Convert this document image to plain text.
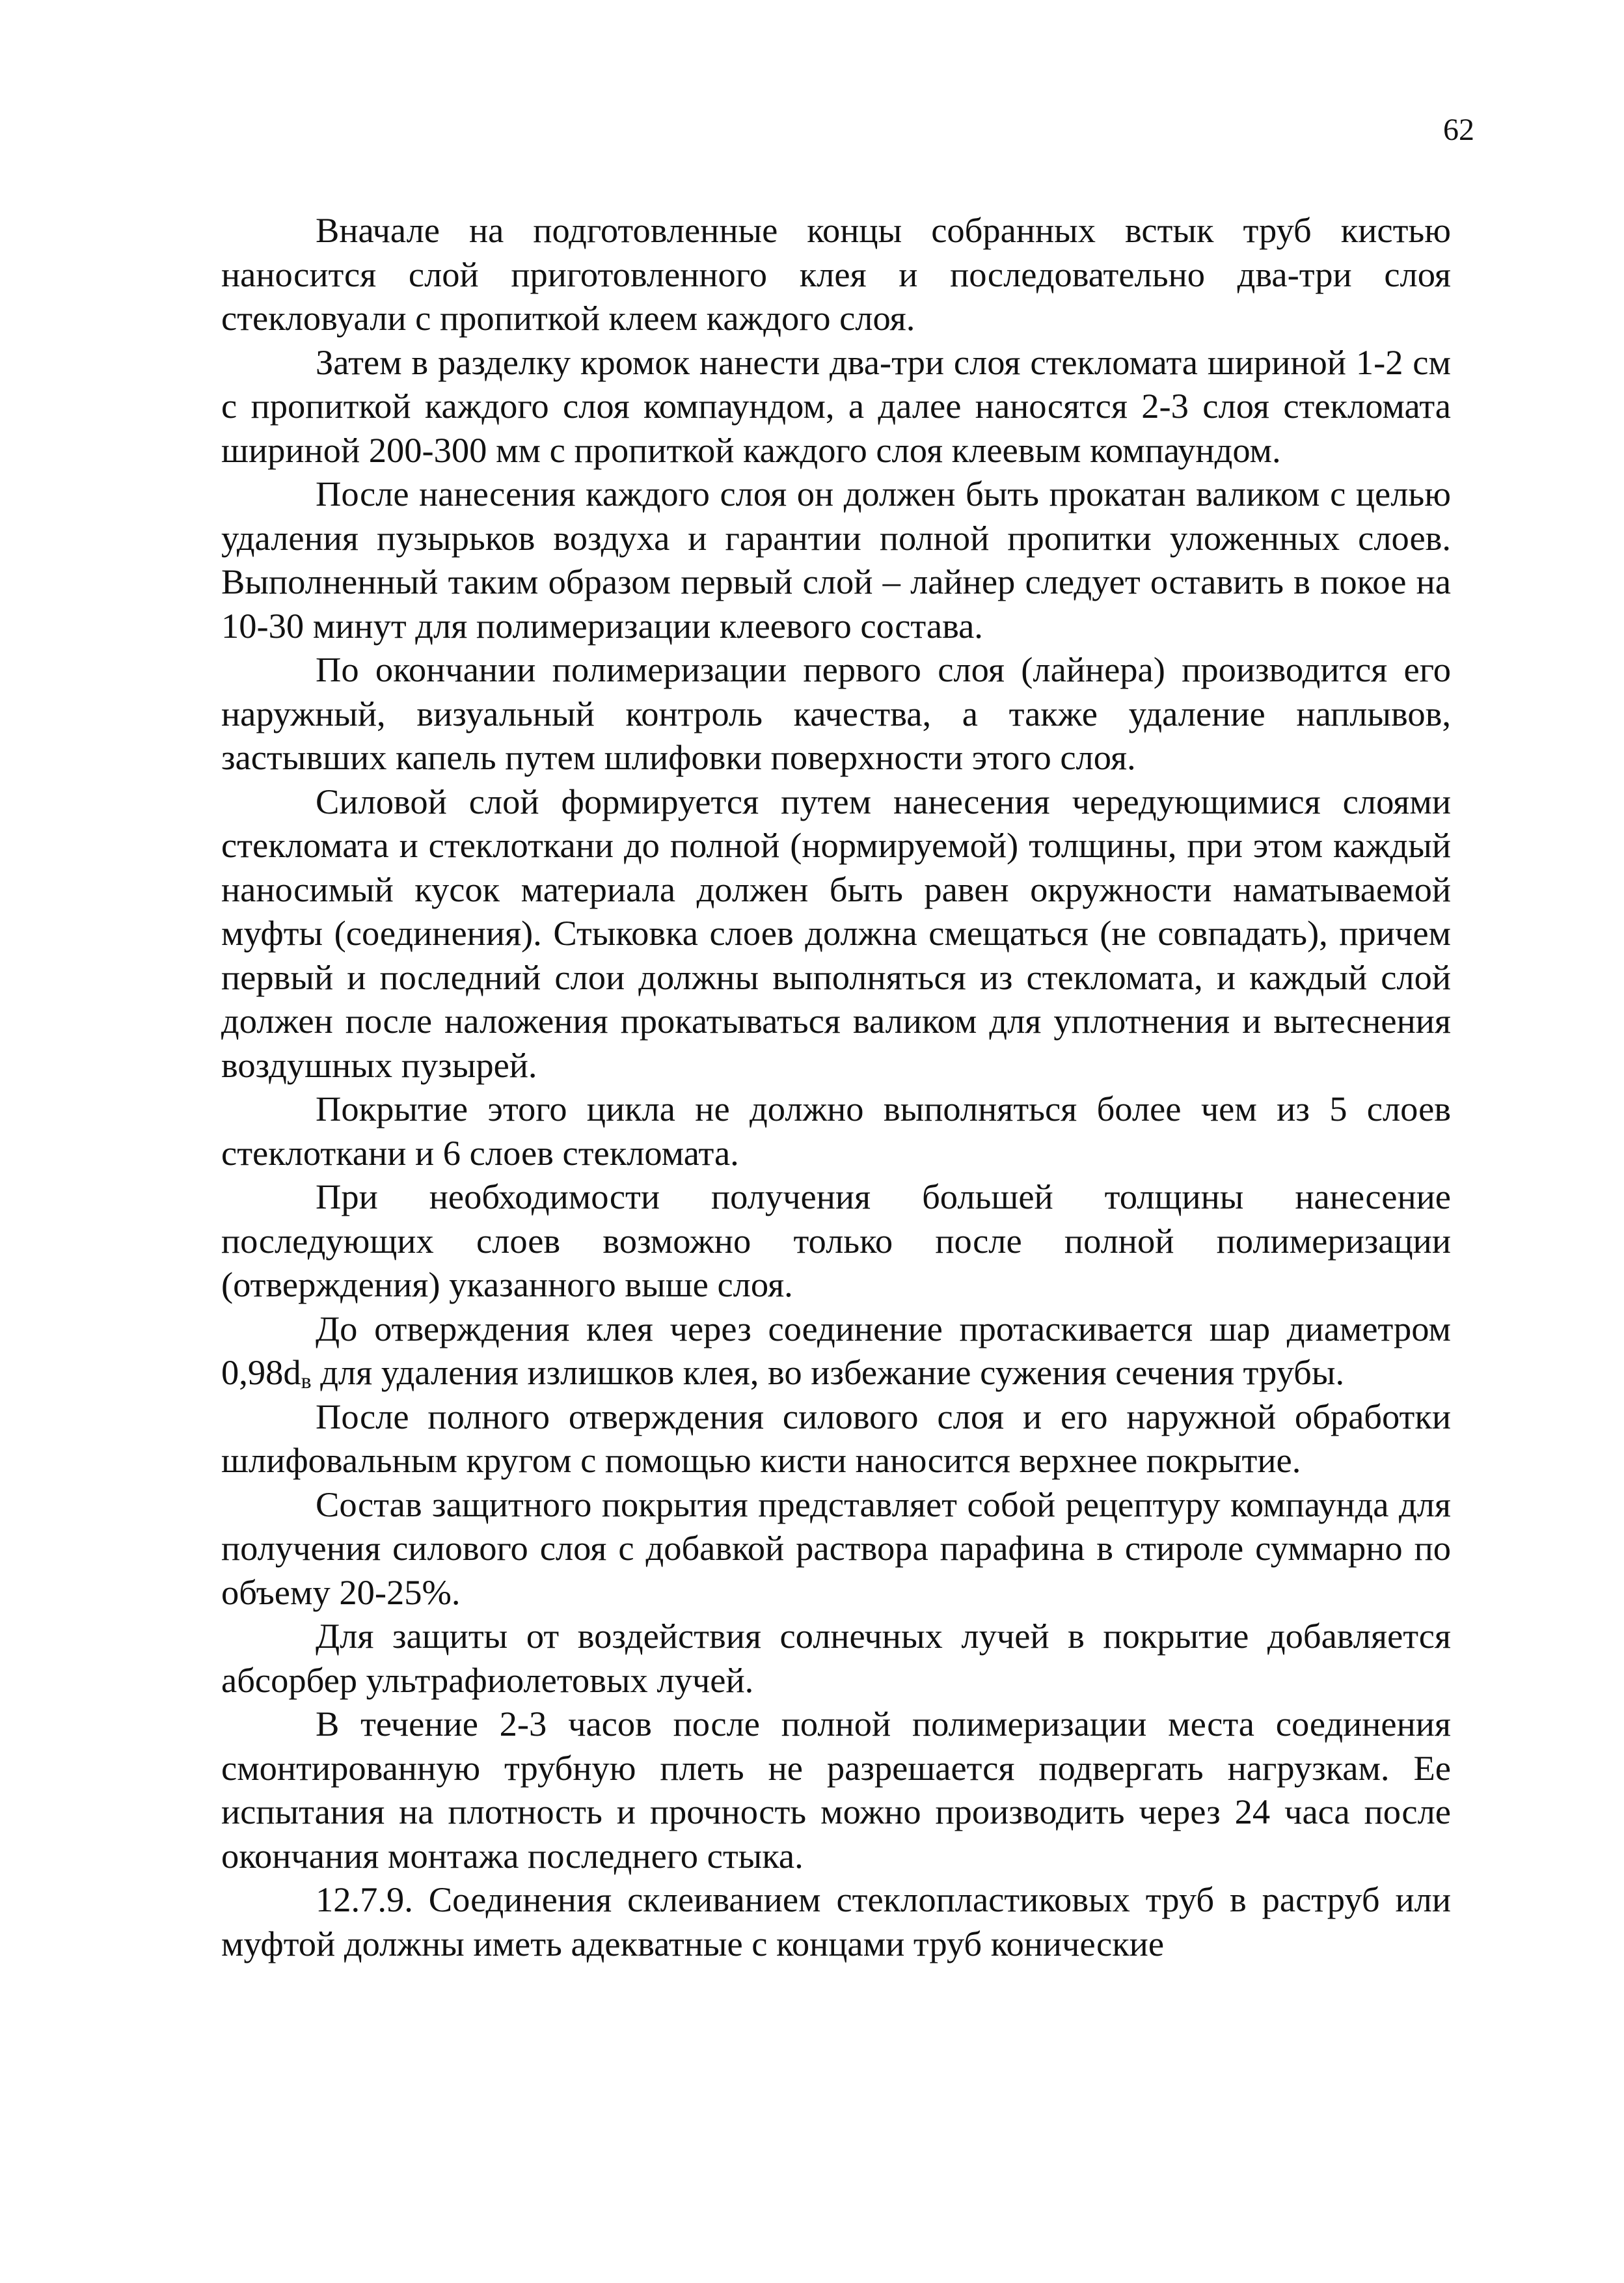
62

Вначале на подготовленные концы собранных встык труб кистью наносится слой приготовленного клея и последовательно два-три слоя стекловуали с пропиткой клеем каждого слоя.

Затем в разделку кромок нанести два-три слоя стекломата шириной 1-2 см с пропиткой каждого слоя компаундом, а далее наносятся 2-3 слоя стекломата шириной 200-300 мм с пропиткой каждого слоя клеевым компаундом.

После нанесения каждого слоя он должен быть прокатан валиком с целью удаления пузырьков воздуха и гарантии полной пропитки уложенных слоев. Выполненный таким образом первый слой – лайнер следует оставить в покое на 10-30 минут для полимеризации клеевого состава.

По окончании полимеризации первого слоя (лайнера) производится его наружный, визуальный контроль качества, а также удаление наплывов, застывших капель путем шлифовки поверхности этого слоя.

Силовой слой формируется путем нанесения чередующимися слоями стекломата и стеклоткани до полной (нормируемой) толщины, при этом каждый наносимый кусок материала должен быть равен окружности наматываемой муфты (соединения). Стыковка слоев должна смещаться (не совпадать), причем первый и последний слои должны выполняться из стекломата, и каждый слой должен после наложения прокатываться валиком для уплотнения и вытеснения воздушных пузырей.

Покрытие этого цикла не должно выполняться более чем из 5 слоев стеклоткани и 6 слоев стекломата.

При необходимости получения большей толщины нанесение последующих слоев возможно только после полной полимеризации (отверждения) указанного выше слоя.

До отверждения клея через соединение протаскивается шар диаметром $0,98d_в$ для удаления излишков клея, во избежание сужения сечения трубы.

После полного отверждения силового слоя и его наружной обработки шлифовальным кругом с помощью кисти наносится верхнее покрытие.

Состав защитного покрытия представляет собой рецептуру компаунда для получения силового слоя с добавкой раствора парафина в стироле суммарно по объему 20-25%.

Для защиты от воздействия солнечных лучей в покрытие добавляется абсорбер ультрафиолетовых лучей.

В течение 2-3 часов после полной полимеризации места соединения смонтированную трубную плеть не разрешается подвергать нагрузкам. Ее испытания на плотность и прочность можно производить через 24 часа после окончания монтажа последнего стыка.

12.7.9. Соединения склеиванием стеклопластиковых труб в раструб или муфтой должны иметь адекватные с концами труб конические
